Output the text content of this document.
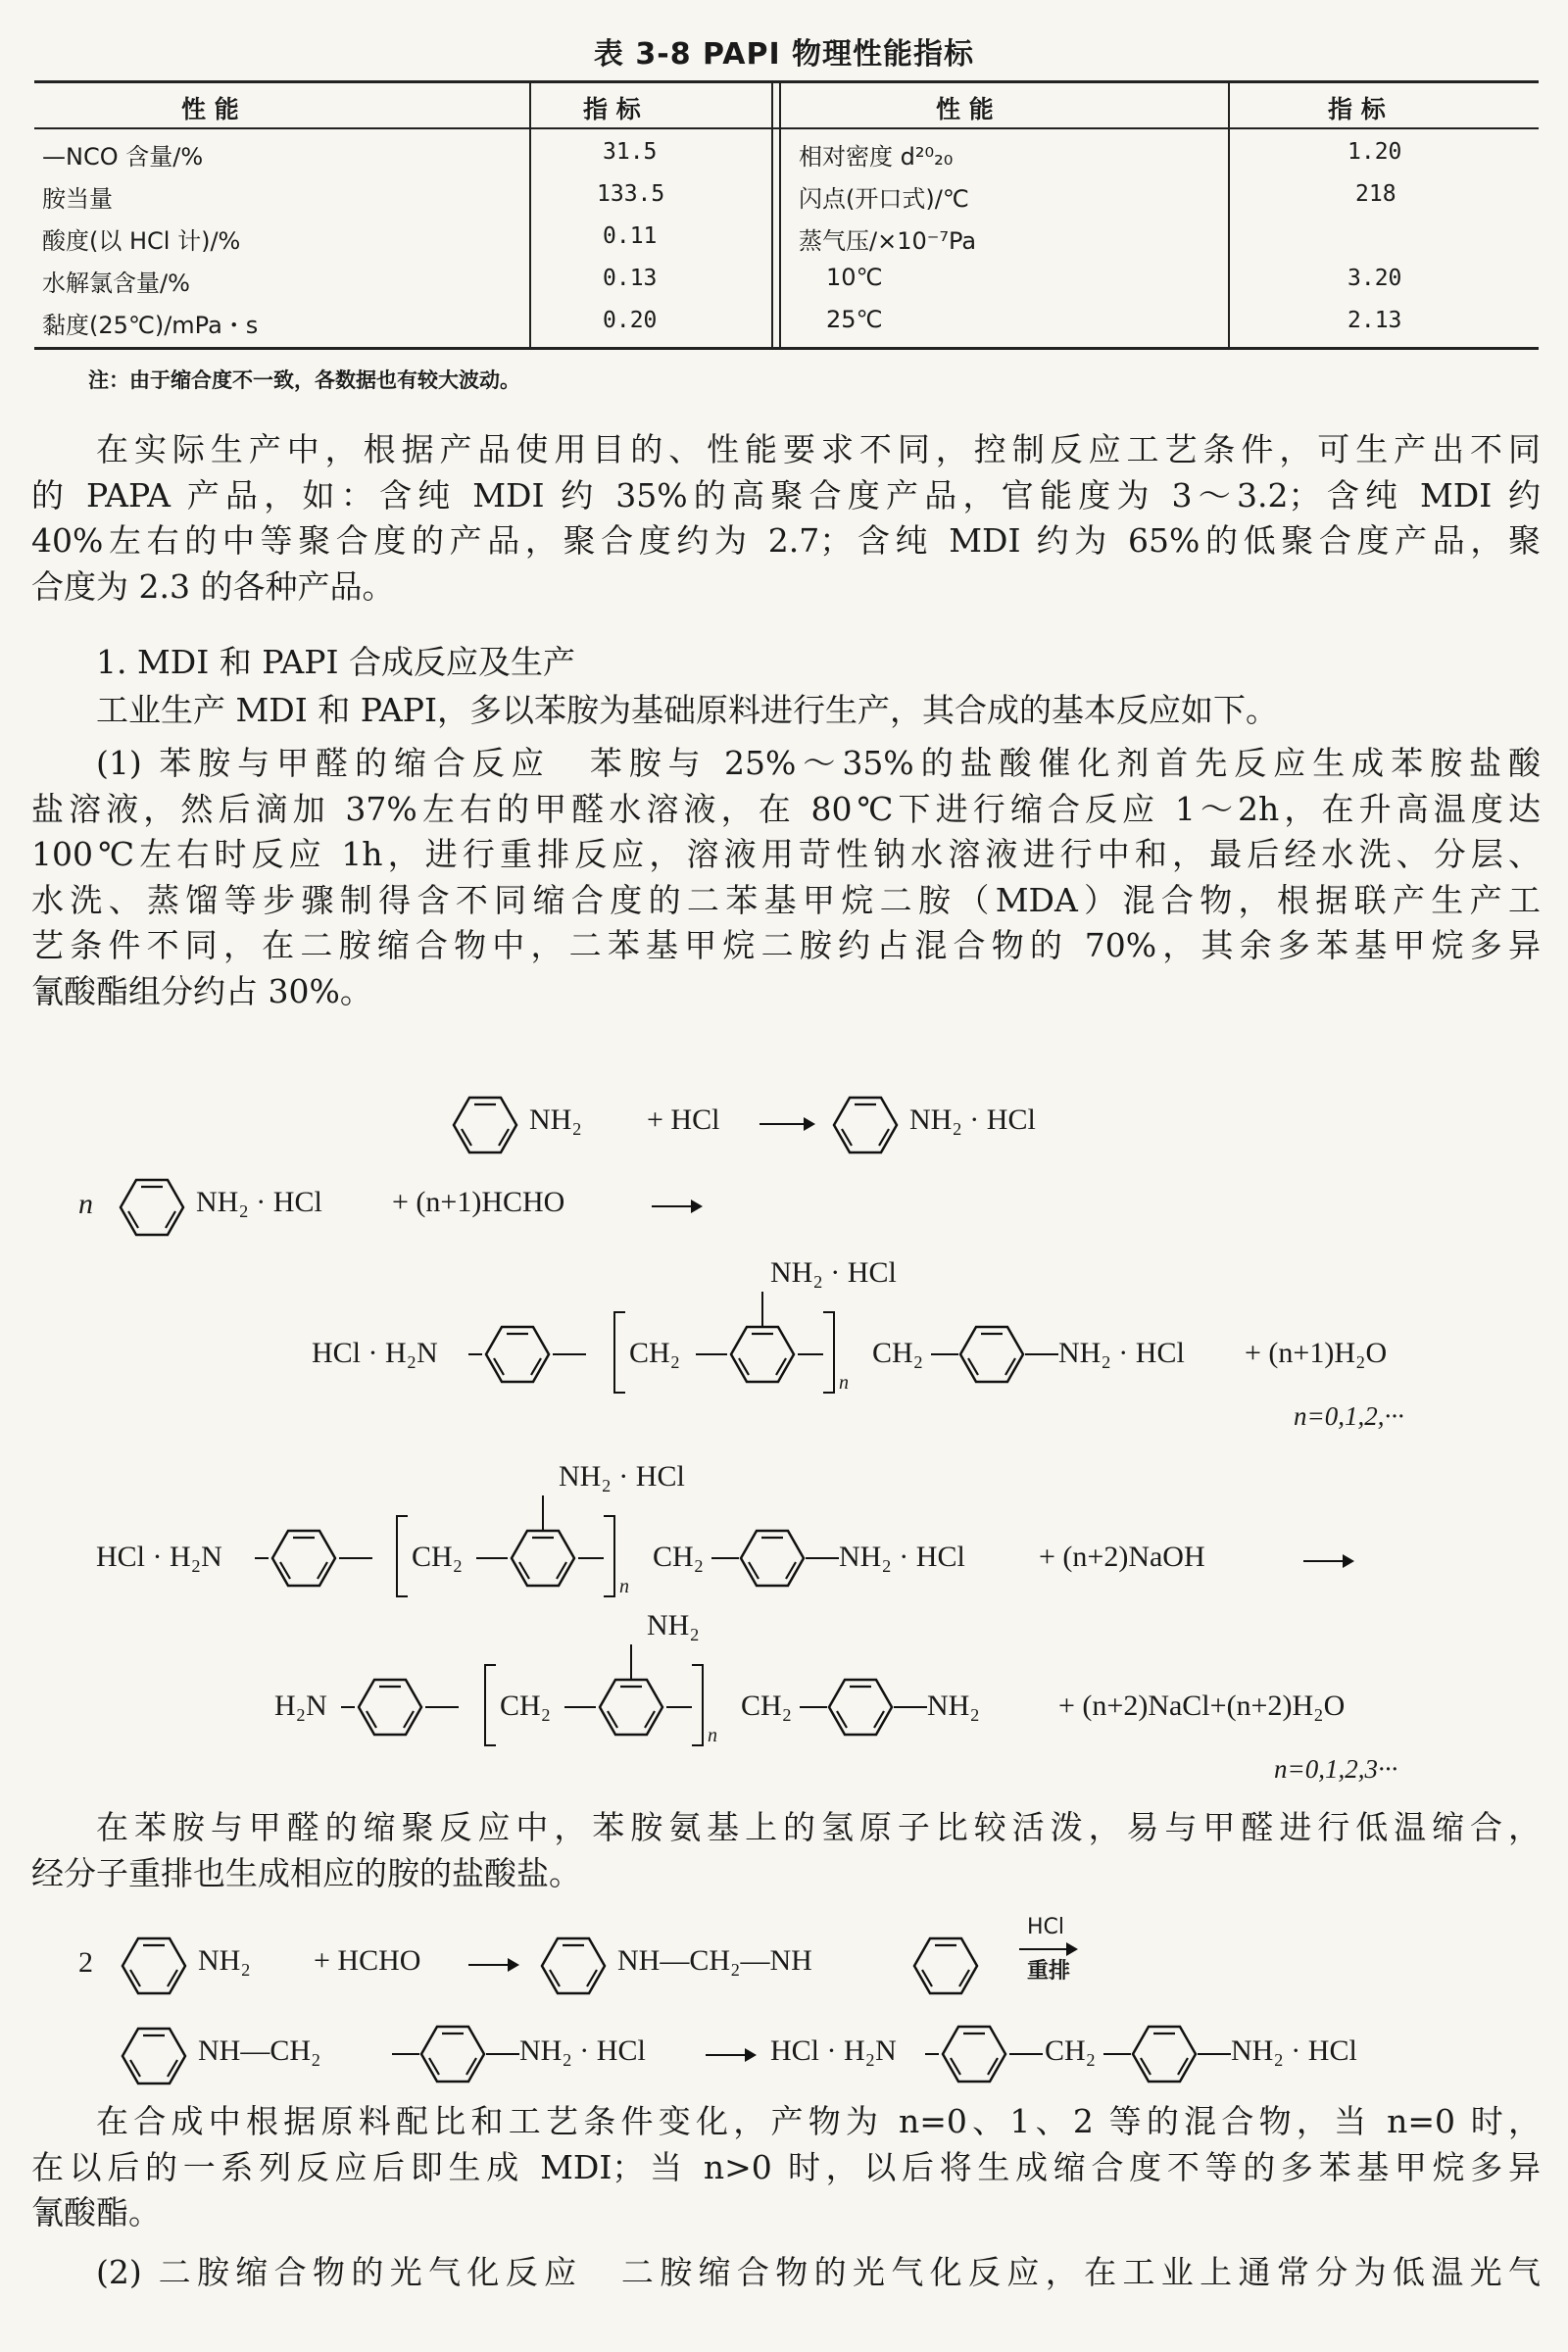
表 3-8 PAPI 物理性能指标
性 能	指 标	性 能	指 标
—NCO 含量/%	31.5
胺当量	133.5
酸度(以 HCl 计)/%	0.11
水解氯含量/%	0.13
黏度(25℃)/mPa・s	0.20
相对密度 d²⁰₂₀	1.20
闪点(开口式)/℃	218
蒸气压/×10⁻⁷Pa
10℃	3.20
25℃	2.13
注：由于缩合度不一致，各数据也有较大波动。
在实际生产中，根据产品使用目的、性能要求不同，控制反应工艺条件，可生产出不同
的 PAPA 产品，如：含纯 MDI 约 35%的高聚合度产品，官能度为 3～3.2；含纯 MDI 约
40%左右的中等聚合度的产品，聚合度约为 2.7；含纯 MDI 约为 65%的低聚合度产品，聚
合度为 2.3 的各种产品。
1. MDI 和 PAPI 合成反应及生产
工业生产 MDI 和 PAPI，多以苯胺为基础原料进行生产，其合成的基本反应如下。
(1) 苯胺与甲醛的缩合反应　苯胺与 25%～35%的盐酸催化剂首先反应生成苯胺盐酸
盐溶液，然后滴加 37%左右的甲醛水溶液，在 80℃下进行缩合反应 1～2h，在升高温度达
100℃左右时反应 1h，进行重排反应，溶液用苛性钠水溶液进行中和，最后经水洗、分层、
水洗、蒸馏等步骤制得含不同缩合度的二苯基甲烷二胺（MDA）混合物，根据联产生产工
艺条件不同，在二胺缩合物中，二苯基甲烷二胺约占混合物的 70%，其余多苯基甲烷多异
氰酸酯组分约占 30%。
NH₂ + HCl	NH₂ · HCl
n	NH₂ · HCl + (n+1)HCHO
NH₂ · HCl
HCl · H₂N	CH₂
n
CH₂	NH₂ · HCl + (n+1)H₂O
n=0,1,2,···
NH₂ · HCl
HCl · H₂N	CH₂
n
CH₂	NH₂ · HCl	+ (n+2)NaOH
NH₂
H₂N	CH₂
n
CH₂	NH₂	+ (n+2)NaCl+(n+2)H₂O
n=0,1,2,3···
在苯胺与甲醛的缩聚反应中，苯胺氨基上的氢原子比较活泼，易与甲醛进行低温缩合，
经分子重排也生成相应的胺的盐酸盐。
2	NH₂ + HCHO	NH—CH₂—NH
HCl
重排
NH—CH₂	NH₂ · HCl	→ HCl · H₂N	CH₂	NH₂ · HCl
在合成中根据原料配比和工艺条件变化，产物为 n=0、1、2 等的混合物，当 n=0 时，
在以后的一系列反应后即生成 MDI；当 n>0 时，以后将生成缩合度不等的多苯基甲烷多异
氰酸酯。
(2) 二胺缩合物的光气化反应　二胺缩合物的光气化反应，在工业上通常分为低温光气
